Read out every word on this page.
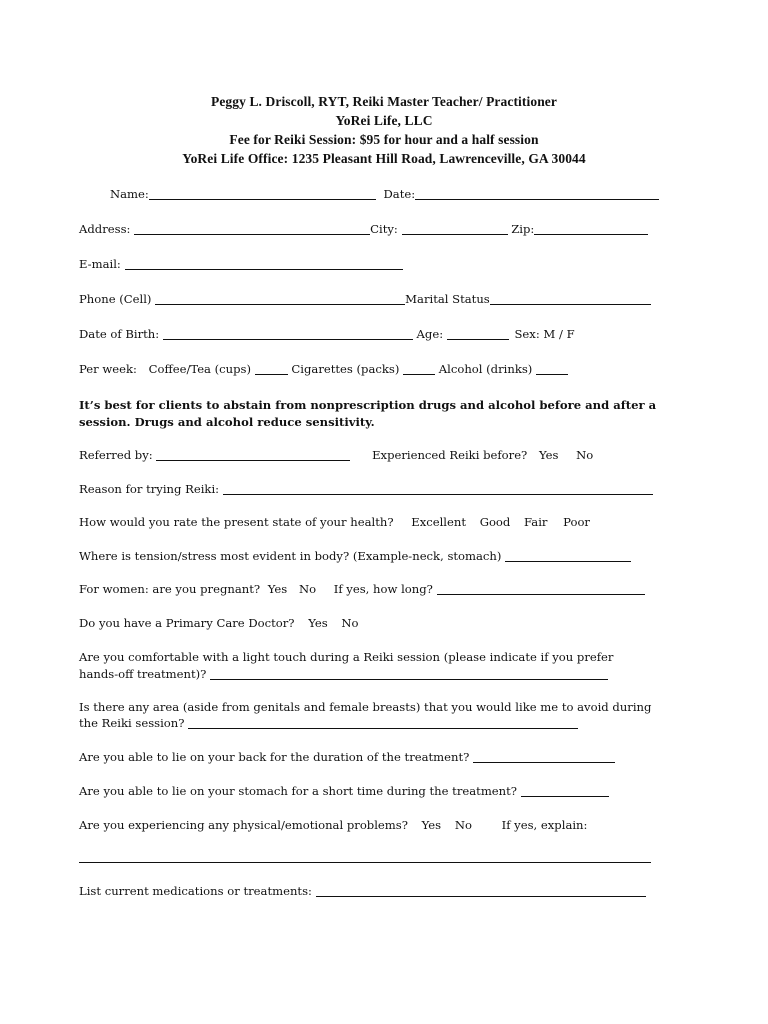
Peggy L. Driscoll, RYT, Reiki Master Teacher/ Practitioner
YoRei Life, LLC
Fee for Reiki Session: $95 for hour and a half session
YoRei Life Office: 1235 Pleasant Hill Road, Lawrenceville, GA 30044
Name:	Date:
Address:	City:	Zip:
E-mail:
Phone (Cell)	Marital Status
Date of Birth:	Age:	Sex: M / F
Per week: Coffee/Tea (cups)	Cigarettes (packs)	Alcohol (drinks)
It’s best for clients to abstain from nonprescription drugs and alcohol before and after a session. Drugs and alcohol reduce sensitivity.
Referred by:	Experienced Reiki before? Yes No
Reason for trying Reiki:
How would you rate the present state of your health? Excellent Good Fair Poor
Where is tension/stress most evident in body? (Example-neck, stomach)
For women: are you pregnant? Yes No If yes, how long?
Do you have a Primary Care Doctor? Yes No
Are you comfortable with a light touch during a Reiki session (please indicate if you prefer
hands-off treatment)?
Is there any area (aside from genitals and female breasts) that you would like me to avoid during
the Reiki session?
Are you able to lie on your back for the duration of the treatment?
Are you able to lie on your stomach for a short time during the treatment?
Are you experiencing any physical/emotional problems? Yes No	If yes, explain:
List current medications or treatments:
